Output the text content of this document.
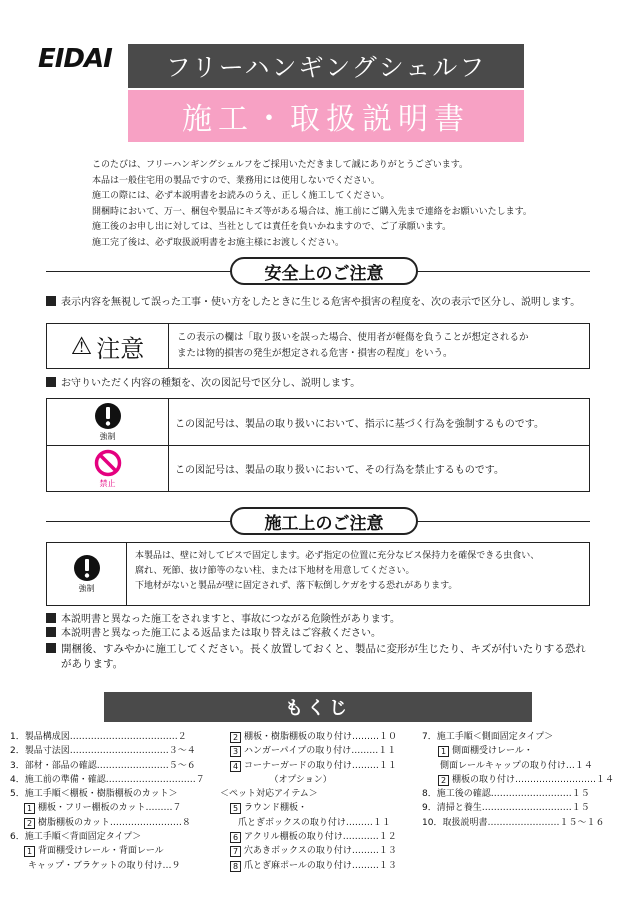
EIDAI	フリーハンギングシェルフ
施工・取扱説明書
このたびは、フリーハンギングシェルフをご採用いただきまして誠にありがとうございます。
本品は一般住宅用の製品ですので、業務用には使用しないでください。
施工の際には、必ず本説明書をお読みのうえ、正しく施工してください。
開梱時において、万一、梱包や製品にキズ等がある場合は、施工前にご購入先まで連絡をお願いいたします。
施工後のお申し出に対しては、当社としては責任を負いかねますので、ご了承願います。
施工完了後は、必ず取扱説明書をお施主様にお渡しください。
安全上のご注意
表示内容を無視して誤った工事・使い方をしたときに生じる危害や損害の程度を、次の表示で区分し、説明します。
⚠ 注意	この表示の欄は「取り扱いを誤った場合、使用者が軽傷を負うことが想定されるか
または物的損害の発生が想定される危害・損害の程度」をいう。
お守りいただく内容の種類を、次の図記号で区分し、説明します。
強制
この図記号は、製品の取り扱いにおいて、指示に基づく行為を強制するものです。
禁止
この図記号は、製品の取り扱いにおいて、その行為を禁止するものです。
施工上のご注意
強制
本製品は、壁に対してビスで固定します。必ず指定の位置に充分なビス保持力を確保できる虫食い、
腐れ、死節、抜け節等のない柱、または下地材を用意してください。
下地材がないと製品が壁に固定されず、落下転倒しケガをする恐れがあります。
本説明書と異なった施工をされますと、事故につながる危険性があります。
本説明書と異なった施工による返品または取り替えはご容赦ください。
開梱後、すみやかに施工してください。長く放置しておくと、製品に変形が生じたり、キズが付いたりする恐れ
があります。
もくじ
1．製品構成図………………………………２
2．製品寸法図……………………………３～４
3．部材・部品の確認……………………５～６
4．施工前の準備・確認…………………………７
5．施工手順＜棚板・樹脂棚板のカット＞
1 棚板・フリー棚板のカット………７
2 樹脂棚板のカット……………………８
6．施工手順＜背面固定タイプ＞
1 背面棚受けレール・背面レール
　　キャップ・ブラケットの取り付け…９
2 棚板・樹脂棚板の取り付け………１０
3 ハンガーパイプの取り付け………１１
4 コーナーガードの取り付け………１１
　　　　　　（オプション）
＜ペット対応アイテム＞
5 ラウンド棚板・
　　爪とぎボックスの取り付け………１１
6 アクリル棚板の取り付け…………１２
7 穴あきボックスの取り付け………１３
8 爪とぎ麻ポールの取り付け………１３
7．施工手順＜側面固定タイプ＞
1 側面棚受けレール・
　　側面レールキャップの取り付け…１４
2 棚板の取り付け………………………１４
8．施工後の確認………………………１５
9．清掃と養生…………………………１５
10．取扱説明書……………………１５～１６
